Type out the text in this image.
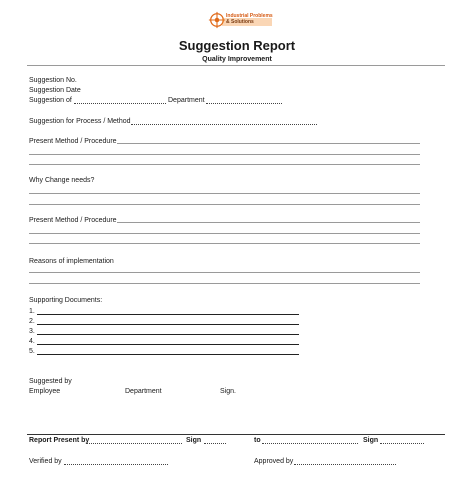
Industrial Problems
& Solutions
Suggestion Report
Quality Improvement
Suggestion No.
Suggestion Date
Suggestion of	Department
Suggestion for Process / Method
Present Method / Procedure
Why Change needs?
Present Method / Procedure
Reasons of implementation
Supporting Documents:
1.
2.
3.
4.
5.
Suggested by
Employee	Department	Sign.
Report Present by	Sign	to	Sign
Verified by	Approved by
